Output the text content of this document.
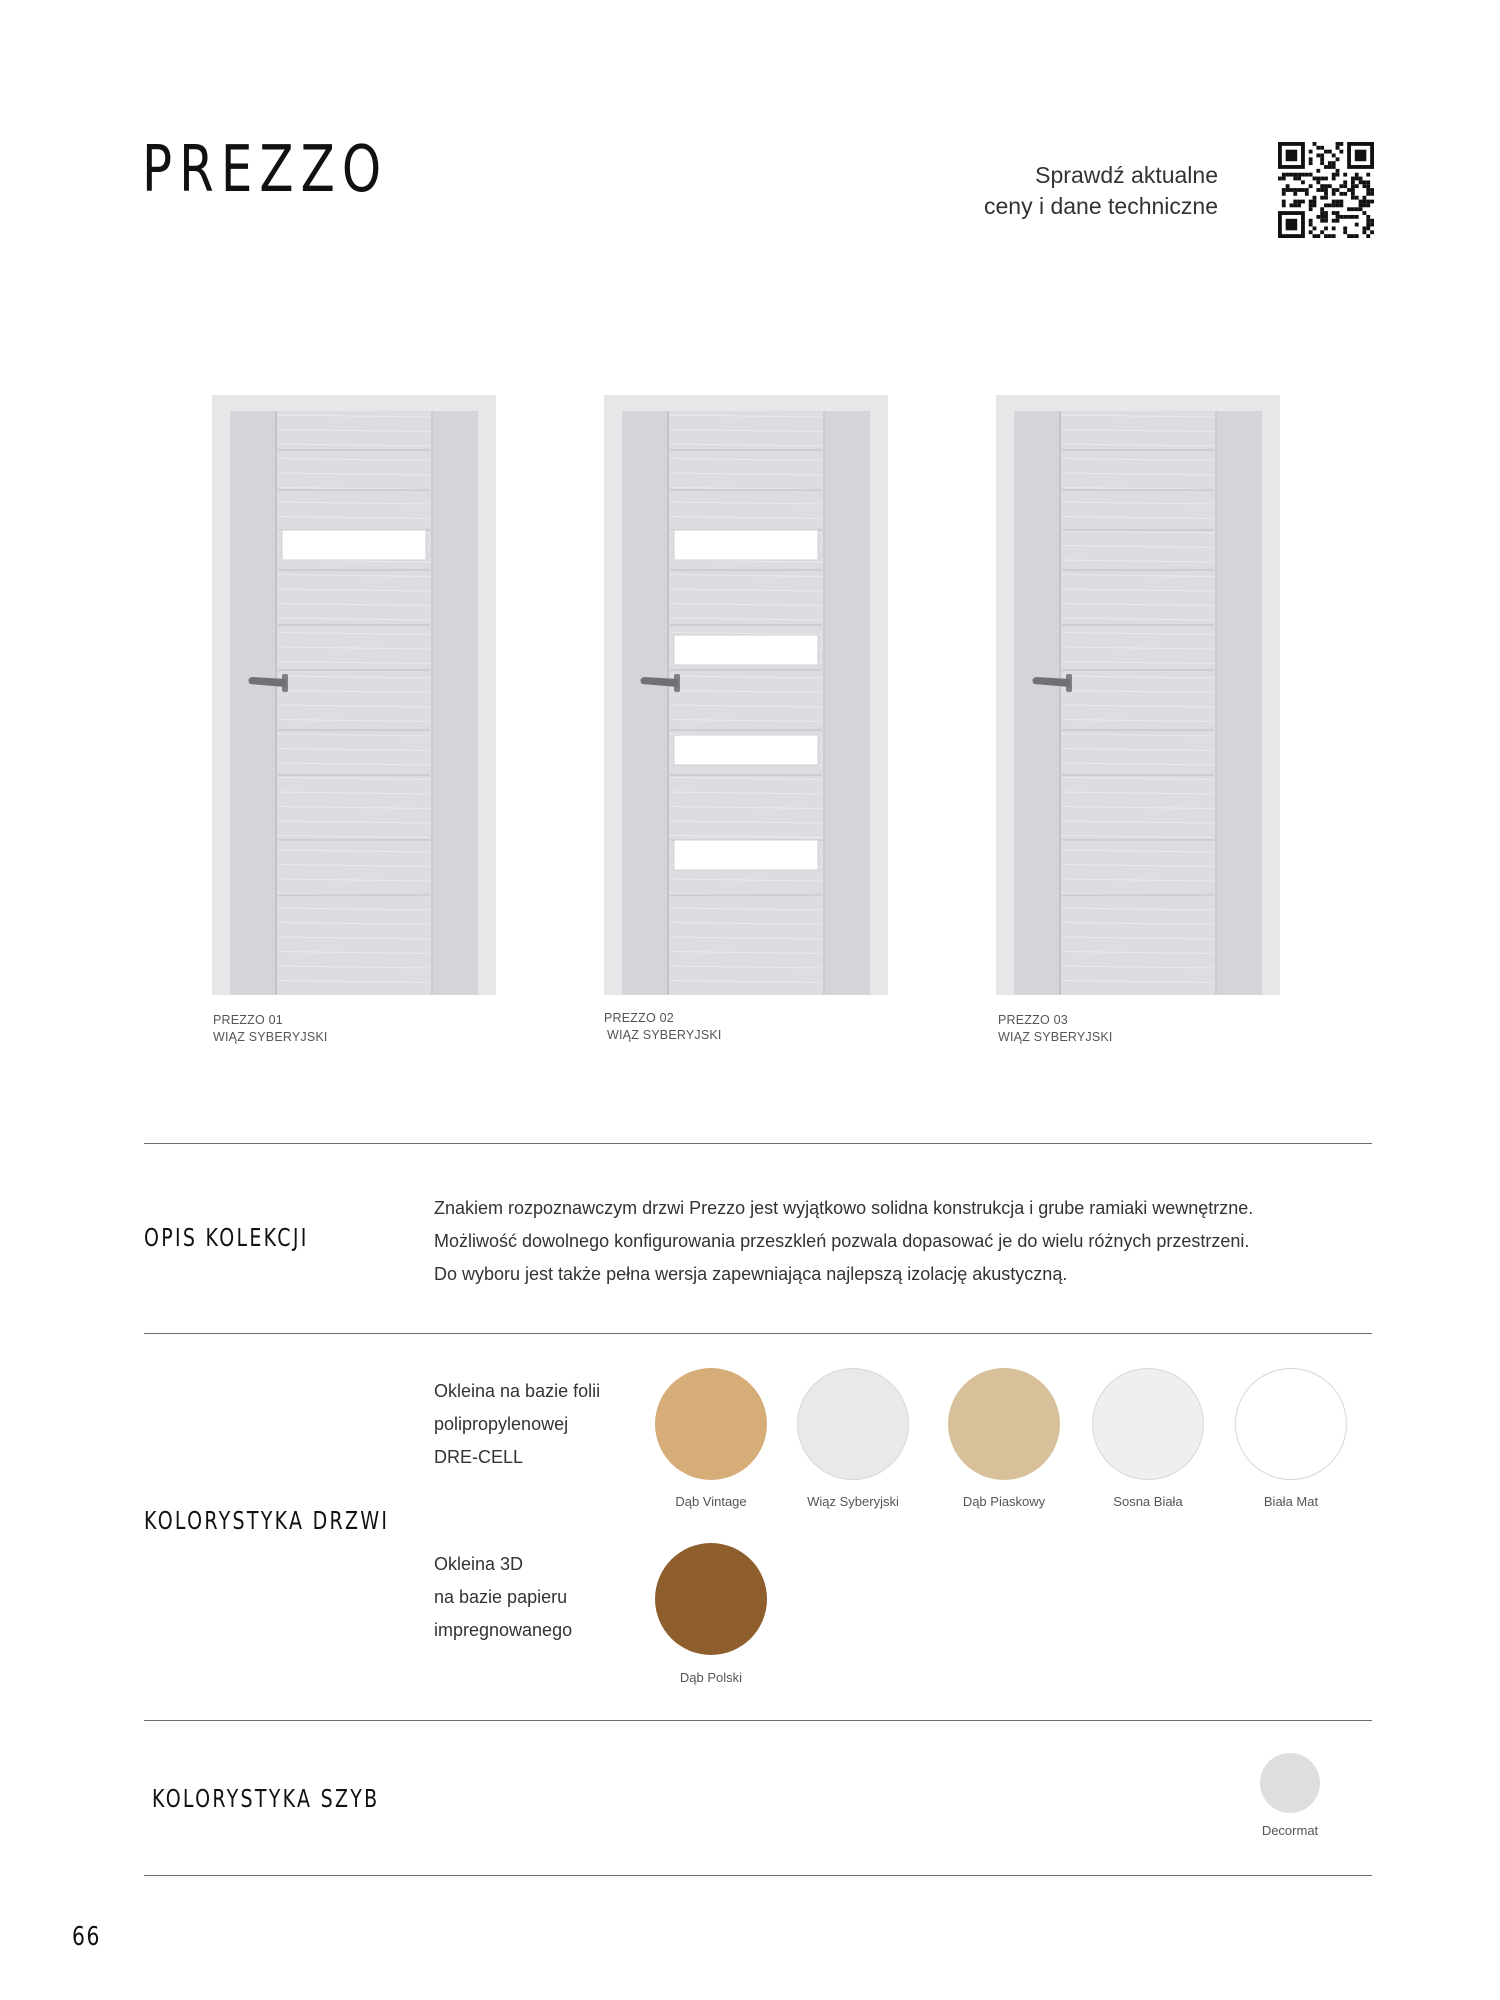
PREZZO	Sprawdź aktualne
ceny i dane techniczne
PREZZO 01
WIĄZ SYBERYJSKI
PREZZO 02
WIĄZ SYBERYJSKI
PREZZO 03
WIĄZ SYBERYJSKI
OPIS KOLEKCJI
Znakiem rozpoznawczym drzwi Prezzo jest wyjątkowo solidna konstrukcja i grube ramiaki wewnętrzne.
Możliwość dowolnego konfigurowania przeszkleń pozwala dopasować je do wielu różnych przestrzeni.
Do wyboru jest także pełna wersja zapewniająca najlepszą izolację akustyczną.
KOLORYSTYKA DRZWI
Okleina na bazie folii
polipropylenowej
DRE-CELL
Dąb Vintage	Wiąz Syberyjski	Dąb Piaskowy	Sosna Biała	Biała Mat
Okleina 3D
na bazie papieru
impregnowanego
Dąb Polski
KOLORYSTYKA SZYB
Decormat
66
